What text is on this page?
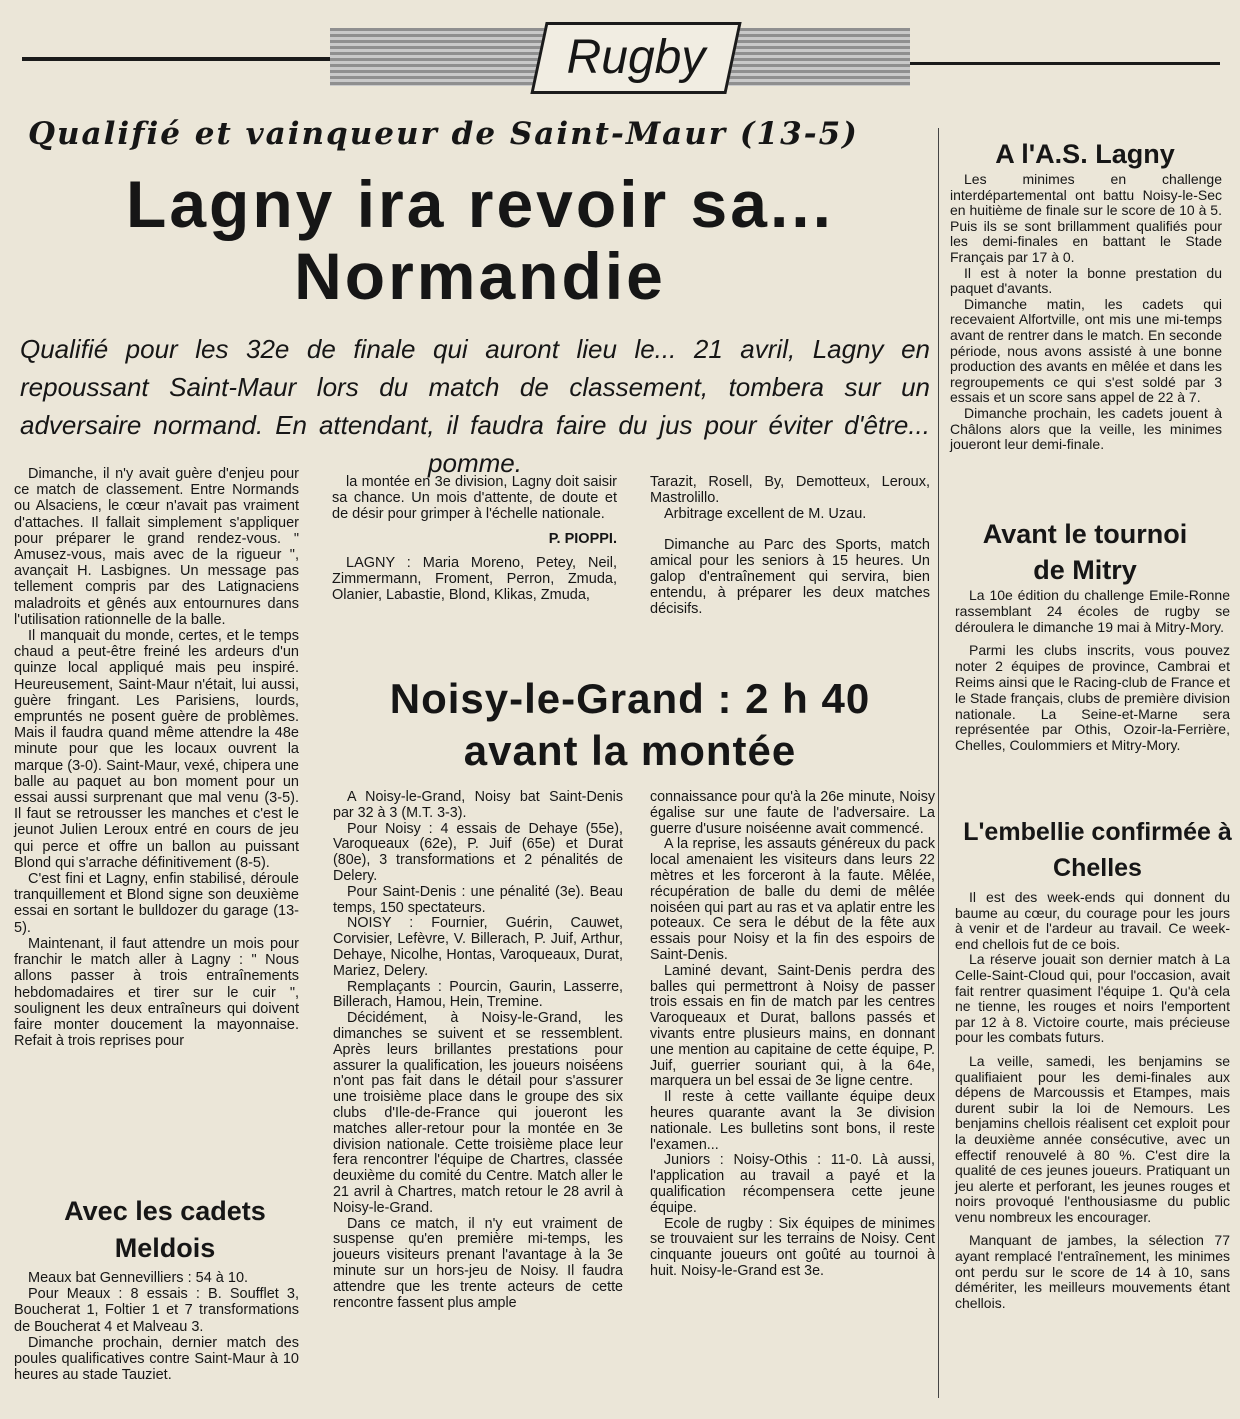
Rugby
Qualifié et vainqueur de Saint-Maur (13-5)
Lagny ira revoir sa... Normandie
Qualifié pour les 32e de finale qui auront lieu le... 21 avril, Lagny en repoussant Saint-Maur lors du match de classement, tombera sur un adversaire normand. En attendant, il faudra faire du jus pour éviter d'être... pomme.

Dimanche, il n'y avait guère d'enjeu pour ce match de classement. Entre Normands ou Alsaciens, le cœur n'avait pas vraiment d'attaches. Il fallait simplement s'appliquer pour préparer le grand rendez-vous. " Amusez-vous, mais avec de la rigueur ", avançait H. Lasbignes. Un message pas tellement compris par des Latignaciens maladroits et gênés aux entournures dans l'utilisation rationnelle de la balle.

Il manquait du monde, certes, et le temps chaud a peut-être freiné les ardeurs d'un quinze local appliqué mais peu inspiré. Heureusement, Saint-Maur n'était, lui aussi, guère fringant. Les Parisiens, lourds, empruntés ne posent guère de problèmes. Mais il faudra quand même attendre la 48e minute pour que les locaux ouvrent la marque (3-0). Saint-Maur, vexé, chipera une balle au paquet au bon moment pour un essai aussi surprenant que mal venu (3-5). Il faut se retrousser les manches et c'est le jeunot Julien Leroux entré en cours de jeu qui perce et offre un ballon au puissant Blond qui s'arrache définitivement (8-5).

C'est fini et Lagny, enfin stabilisé, déroule tranquillement et Blond signe son deuxième essai en sortant le bulldozer du garage (13-5).

Maintenant, il faut attendre un mois pour franchir le match aller à Lagny : " Nous allons passer à trois entraînements hebdomadaires et tirer sur le cuir ", soulignent les deux entraîneurs qui doivent faire monter doucement la mayonnaise. Refait à trois reprises pour

la montée en 3e division, Lagny doit saisir sa chance. Un mois d'attente, de doute et de désir pour grimper à l'échelle nationale.

P. PIOPPI.

LAGNY : Maria Moreno, Petey, Neil, Zimmermann, Froment, Perron, Zmuda, Olanier, Labastie, Blond, Klikas, Zmuda,

Tarazit, Rosell, By, Demotteux, Leroux, Mastrolillo.

Arbitrage excellent de M. Uzau.

Dimanche au Parc des Sports, match amical pour les seniors à 15 heures. Un galop d'entraînement qui servira, bien entendu, à préparer les deux matches décisifs.

Avec les cadets Meldois

Meaux bat Gennevilliers : 54 à 10.

Pour Meaux : 8 essais : B. Soufflet 3, Boucherat 1, Foltier 1 et 7 transformations de Boucherat 4 et Malveau 3.

Dimanche prochain, dernier match des poules qualificatives contre Saint-Maur à 10 heures au stade Tauziet.

Noisy-le-Grand : 2 h 40 avant la montée

A Noisy-le-Grand, Noisy bat Saint-Denis par 32 à 3 (M.T. 3-3).

Pour Noisy : 4 essais de Dehaye (55e), Varoqueaux (62e), P. Juif (65e) et Durat (80e), 3 transformations et 2 pénalités de Delery.

Pour Saint-Denis : une pénalité (3e). Beau temps, 150 spectateurs.

NOISY : Fournier, Guérin, Cauwet, Corvisier, Lefèvre, V. Billerach, P. Juif, Arthur, Dehaye, Nicolhe, Hontas, Varoqueaux, Durat, Mariez, Delery.

Remplaçants : Pourcin, Gaurin, Lasserre, Billerach, Hamou, Hein, Tremine.

Décidément, à Noisy-le-Grand, les dimanches se suivent et se ressemblent. Après leurs brillantes prestations pour assurer la qualification, les joueurs noiséens n'ont pas fait dans le détail pour s'assurer une troisième place dans le groupe des six clubs d'Ile-de-France qui joueront les matches aller-retour pour la montée en 3e division nationale. Cette troisième place leur fera rencontrer l'équipe de Chartres, classée deuxième du comité du Centre. Match aller le 21 avril à Chartres, match retour le 28 avril à Noisy-le-Grand.

Dans ce match, il n'y eut vraiment de suspense qu'en première mi-temps, les joueurs visiteurs prenant l'avantage à la 3e minute sur un hors-jeu de Noisy. Il faudra attendre que les trente acteurs de cette rencontre fassent plus ample

connaissance pour qu'à la 26e minute, Noisy égalise sur une faute de l'adversaire. La guerre d'usure noiséenne avait commencé.

A la reprise, les assauts généreux du pack local amenaient les visiteurs dans leurs 22 mètres et les forceront à la faute. Mêlée, récupération de balle du demi de mêlée noiséen qui part au ras et va aplatir entre les poteaux. Ce sera le début de la fête aux essais pour Noisy et la fin des espoirs de Saint-Denis.

Laminé devant, Saint-Denis perdra des balles qui permettront à Noisy de passer trois essais en fin de match par les centres Varoqueaux et Durat, ballons passés et vivants entre plusieurs mains, en donnant une mention au capitaine de cette équipe, P. Juif, guerrier souriant qui, à la 64e, marquera un bel essai de 3e ligne centre.

Il reste à cette vaillante équipe deux heures quarante avant la 3e division nationale. Les bulletins sont bons, il reste l'examen...

Juniors : Noisy-Othis : 11-0. Là aussi, l'application au travail a payé et la qualification récompensera cette jeune équipe.

Ecole de rugby : Six équipes de minimes se trouvaient sur les terrains de Noisy. Cent cinquante joueurs ont goûté au tournoi à huit. Noisy-le-Grand est 3e.

A l'A.S. Lagny

Les minimes en challenge interdépartemental ont battu Noisy-le-Sec en huitième de finale sur le score de 10 à 5. Puis ils se sont brillamment qualifiés pour les demi-finales en battant le Stade Français par 17 à 0.

Il est à noter la bonne prestation du paquet d'avants.

Dimanche matin, les cadets qui recevaient Alfortville, ont mis une mi-temps avant de rentrer dans le match. En seconde période, nous avons assisté à une bonne production des avants en mêlée et dans les regroupements ce qui s'est soldé par 3 essais et un score sans appel de 22 à 7.

Dimanche prochain, les cadets jouent à Châlons alors que la veille, les minimes joueront leur demi-finale.

Avant le tournoi de Mitry

La 10e édition du challenge Emile-Ronne rassemblant 24 écoles de rugby se déroulera le dimanche 19 mai à Mitry-Mory.

Parmi les clubs inscrits, vous pouvez noter 2 équipes de province, Cambrai et Reims ainsi que le Racing-club de France et le Stade français, clubs de première division nationale. La Seine-et-Marne sera représentée par Othis, Ozoir-la-Ferrière, Chelles, Coulommiers et Mitry-Mory.

L'embellie confirmée à Chelles

Il est des week-ends qui donnent du baume au cœur, du courage pour les jours à venir et de l'ardeur au travail. Ce week-end chellois fut de ce bois.

La réserve jouait son dernier match à La Celle-Saint-Cloud qui, pour l'occasion, avait fait rentrer quasiment l'équipe 1. Qu'à cela ne tienne, les rouges et noirs l'emportent par 12 à 8. Victoire courte, mais précieuse pour les combats futurs.

La veille, samedi, les benjamins se qualifiaient pour les demi-finales aux dépens de Marcoussis et Etampes, mais durent subir la loi de Nemours. Les benjamins chellois réalisent cet exploit pour la deuxième année consécutive, avec un effectif renouvelé à 80 %. C'est dire la qualité de ces jeunes joueurs. Pratiquant un jeu alerte et perforant, les jeunes rouges et noirs provoqué l'enthousiasme du public venu nombreux les encourager.

Manquant de jambes, la sélection 77 ayant remplacé l'entraînement, les minimes ont perdu sur le score de 14 à 10, sans démériter, les meilleurs mouvements étant chellois.
